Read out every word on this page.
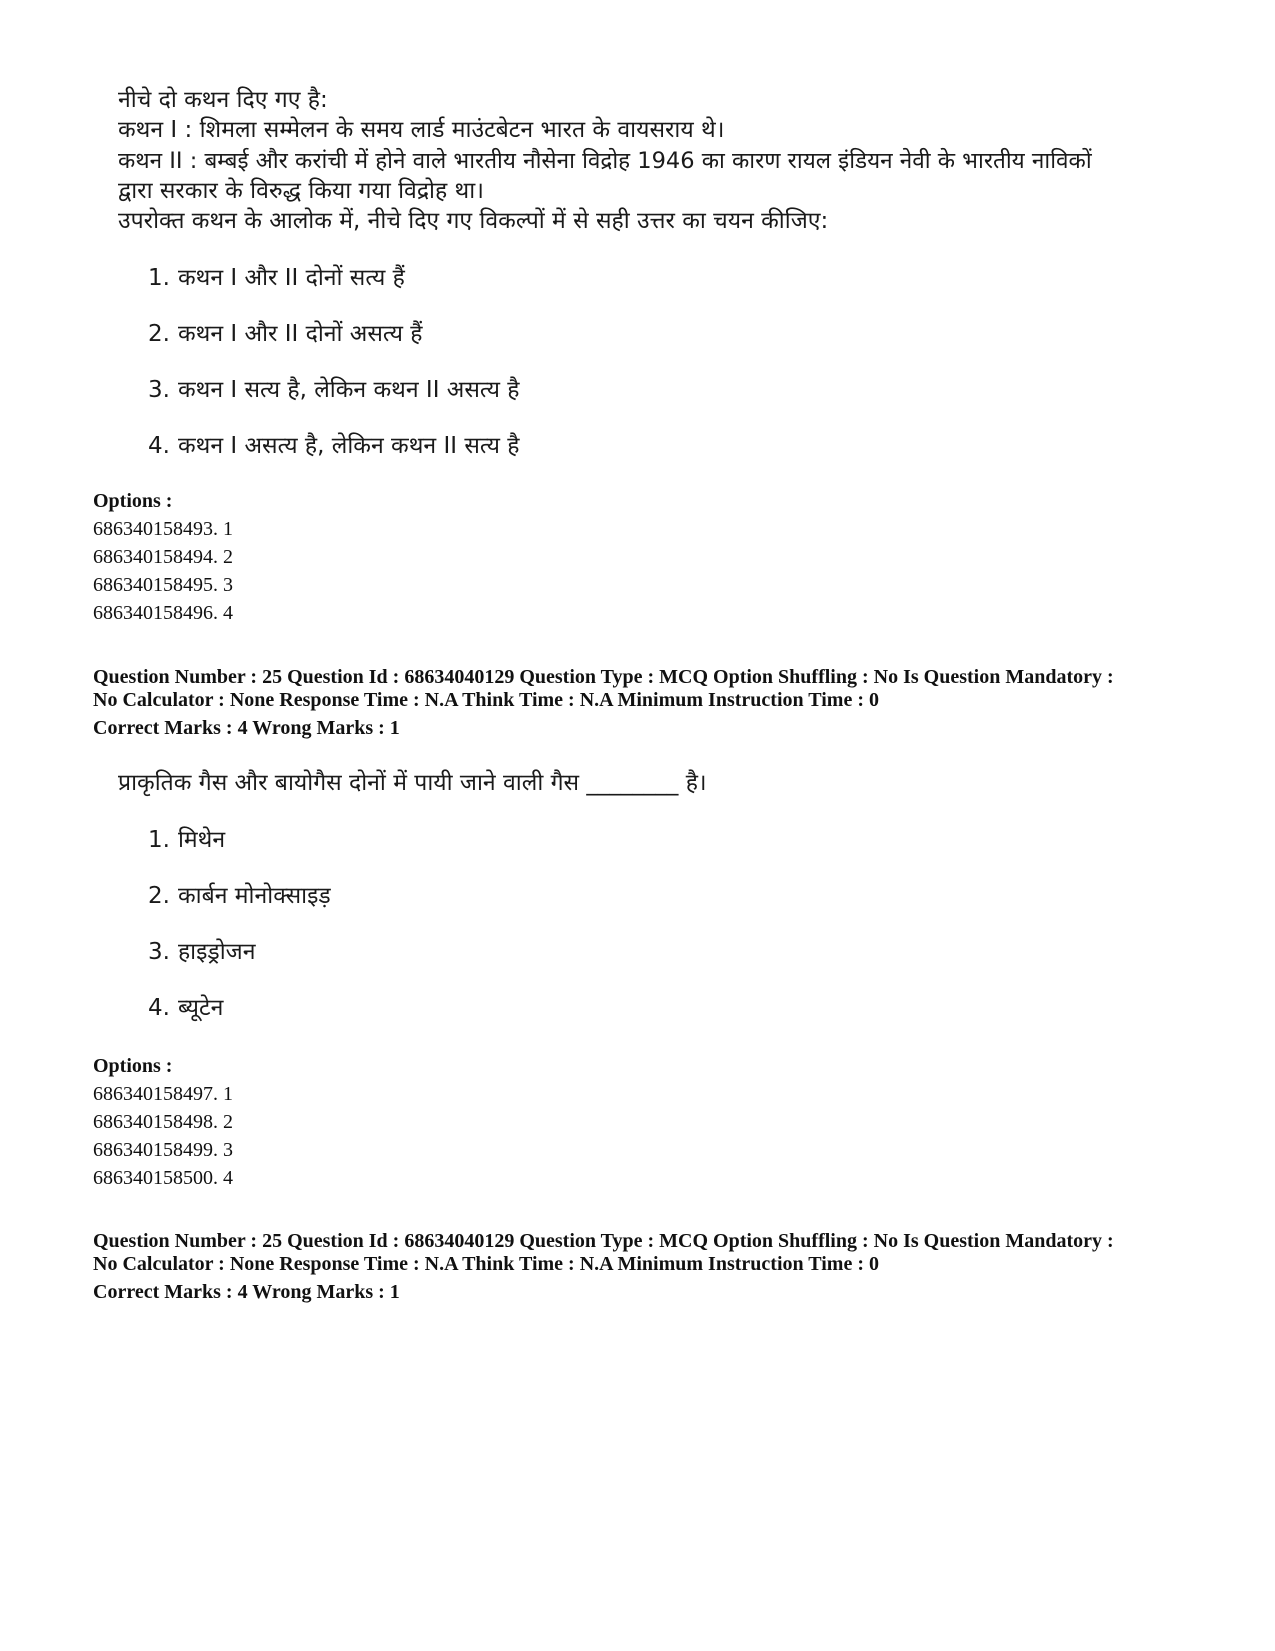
नीचे दो कथन दिए गए है:
कथन I : शिमला सम्मेलन के समय लार्ड माउंटबेटन भारत के वायसराय थे।
कथन II : बम्बई और करांची में होने वाले भारतीय नौसेना विद्रोह 1946 का कारण रायल इंडियन नेवी के भारतीय नाविकों
द्वारा सरकार के विरुद्ध किया गया विद्रोह था।
उपरोक्त कथन के आलोक में, नीचे दिए गए विकल्पों में से सही उत्तर का चयन कीजिए:
1. कथन I और II दोनों सत्य हैं
2. कथन I और II दोनों असत्य हैं
3. कथन I सत्य है, लेकिन कथन II असत्य है
4. कथन I असत्य है, लेकिन कथन II सत्य है
Options :
686340158493. 1
686340158494. 2
686340158495. 3
686340158496. 4
Question Number : 25 Question Id : 68634040129 Question Type : MCQ Option Shuffling : No Is Question Mandatory :
No Calculator : None Response Time : N.A Think Time : N.A Minimum Instruction Time : 0
Correct Marks : 4 Wrong Marks : 1
प्राकृतिक गैस और बायोगैस दोनों में पायी जाने वाली गैस ________ है।
1. मिथेन
2. कार्बन मोनोक्साइड़
3. हाइड्रोजन
4. ब्यूटेन
Options :
686340158497. 1
686340158498. 2
686340158499. 3
686340158500. 4
Question Number : 25 Question Id : 68634040129 Question Type : MCQ Option Shuffling : No Is Question Mandatory :
No Calculator : None Response Time : N.A Think Time : N.A Minimum Instruction Time : 0
Correct Marks : 4 Wrong Marks : 1
